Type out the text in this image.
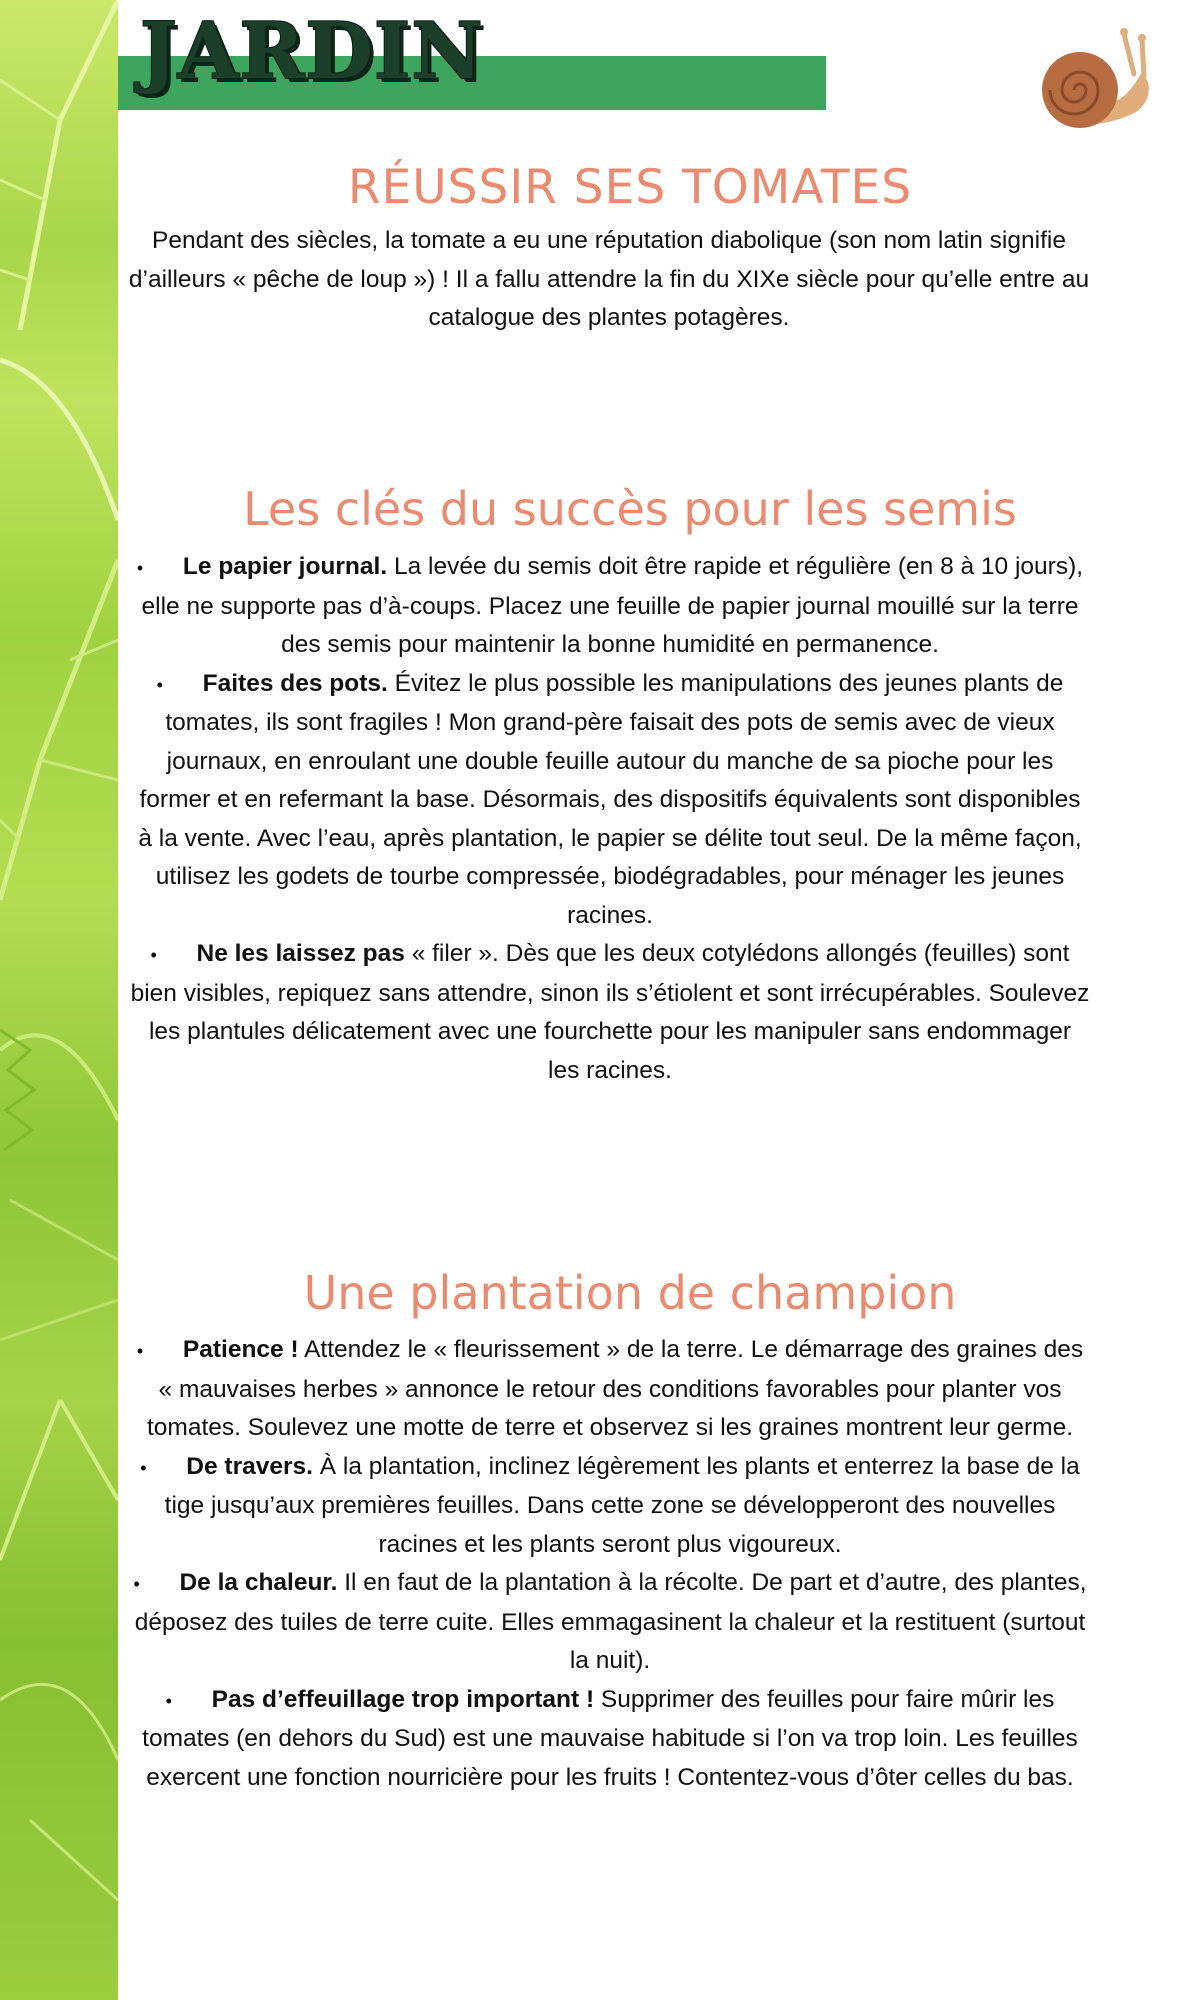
JARDIN
RÉUSSIR SES TOMATES

Pendant des siècles, la tomate a eu une réputation diabolique (son nom latin signifie d’ailleurs « pêche de loup ») ! Il a fallu attendre la fin du XIXe siècle pour qu’elle entre au catalogue des plantes potagères.

Les clés du succès pour les semis

• Le papier journal. La levée du semis doit être rapide et régulière (en 8 à 10 jours), elle ne supporte pas d’à-coups. Placez une feuille de papier journal mouillé sur la terre des semis pour maintenir la bonne humidité en permanence.

• Faites des pots. Évitez le plus possible les manipulations des jeunes plants de tomates, ils sont fragiles ! Mon grand-père faisait des pots de semis avec de vieux journaux, en enroulant une double feuille autour du manche de sa pioche pour les former et en refermant la base. Désormais, des dispositifs équivalents sont disponibles à la vente. Avec l’eau, après plantation, le papier se délite tout seul. De la même façon, utilisez les godets de tourbe compressée, biodégradables, pour ménager les jeunes racines.

• Ne les laissez pas « filer ». Dès que les deux cotylédons allongés (feuilles) sont bien visibles, repiquez sans attendre, sinon ils s’étiolent et sont irrécupérables. Soulevez les plantules délicatement avec une fourchette pour les manipuler sans endommager les racines.

Une plantation de champion

• Patience ! Attendez le « fleurissement » de la terre. Le démarrage des graines des « mauvaises herbes » annonce le retour des conditions favorables pour planter vos tomates. Soulevez une motte de terre et observez si les graines montrent leur germe.

• De travers. À la plantation, inclinez légèrement les plants et enterrez la base de la tige jusqu’aux premières feuilles. Dans cette zone se développeront des nouvelles racines et les plants seront plus vigoureux.

• De la chaleur. Il en faut de la plantation à la récolte. De part et d’autre, des plantes, déposez des tuiles de terre cuite. Elles emmagasinent la chaleur et la restituent (surtout la nuit).

• Pas d’effeuillage trop important ! Supprimer des feuilles pour faire mûrir les tomates (en dehors du Sud) est une mauvaise habitude si l’on va trop loin. Les feuilles exercent une fonction nourricière pour les fruits ! Contentez-vous d’ôter celles du bas.
